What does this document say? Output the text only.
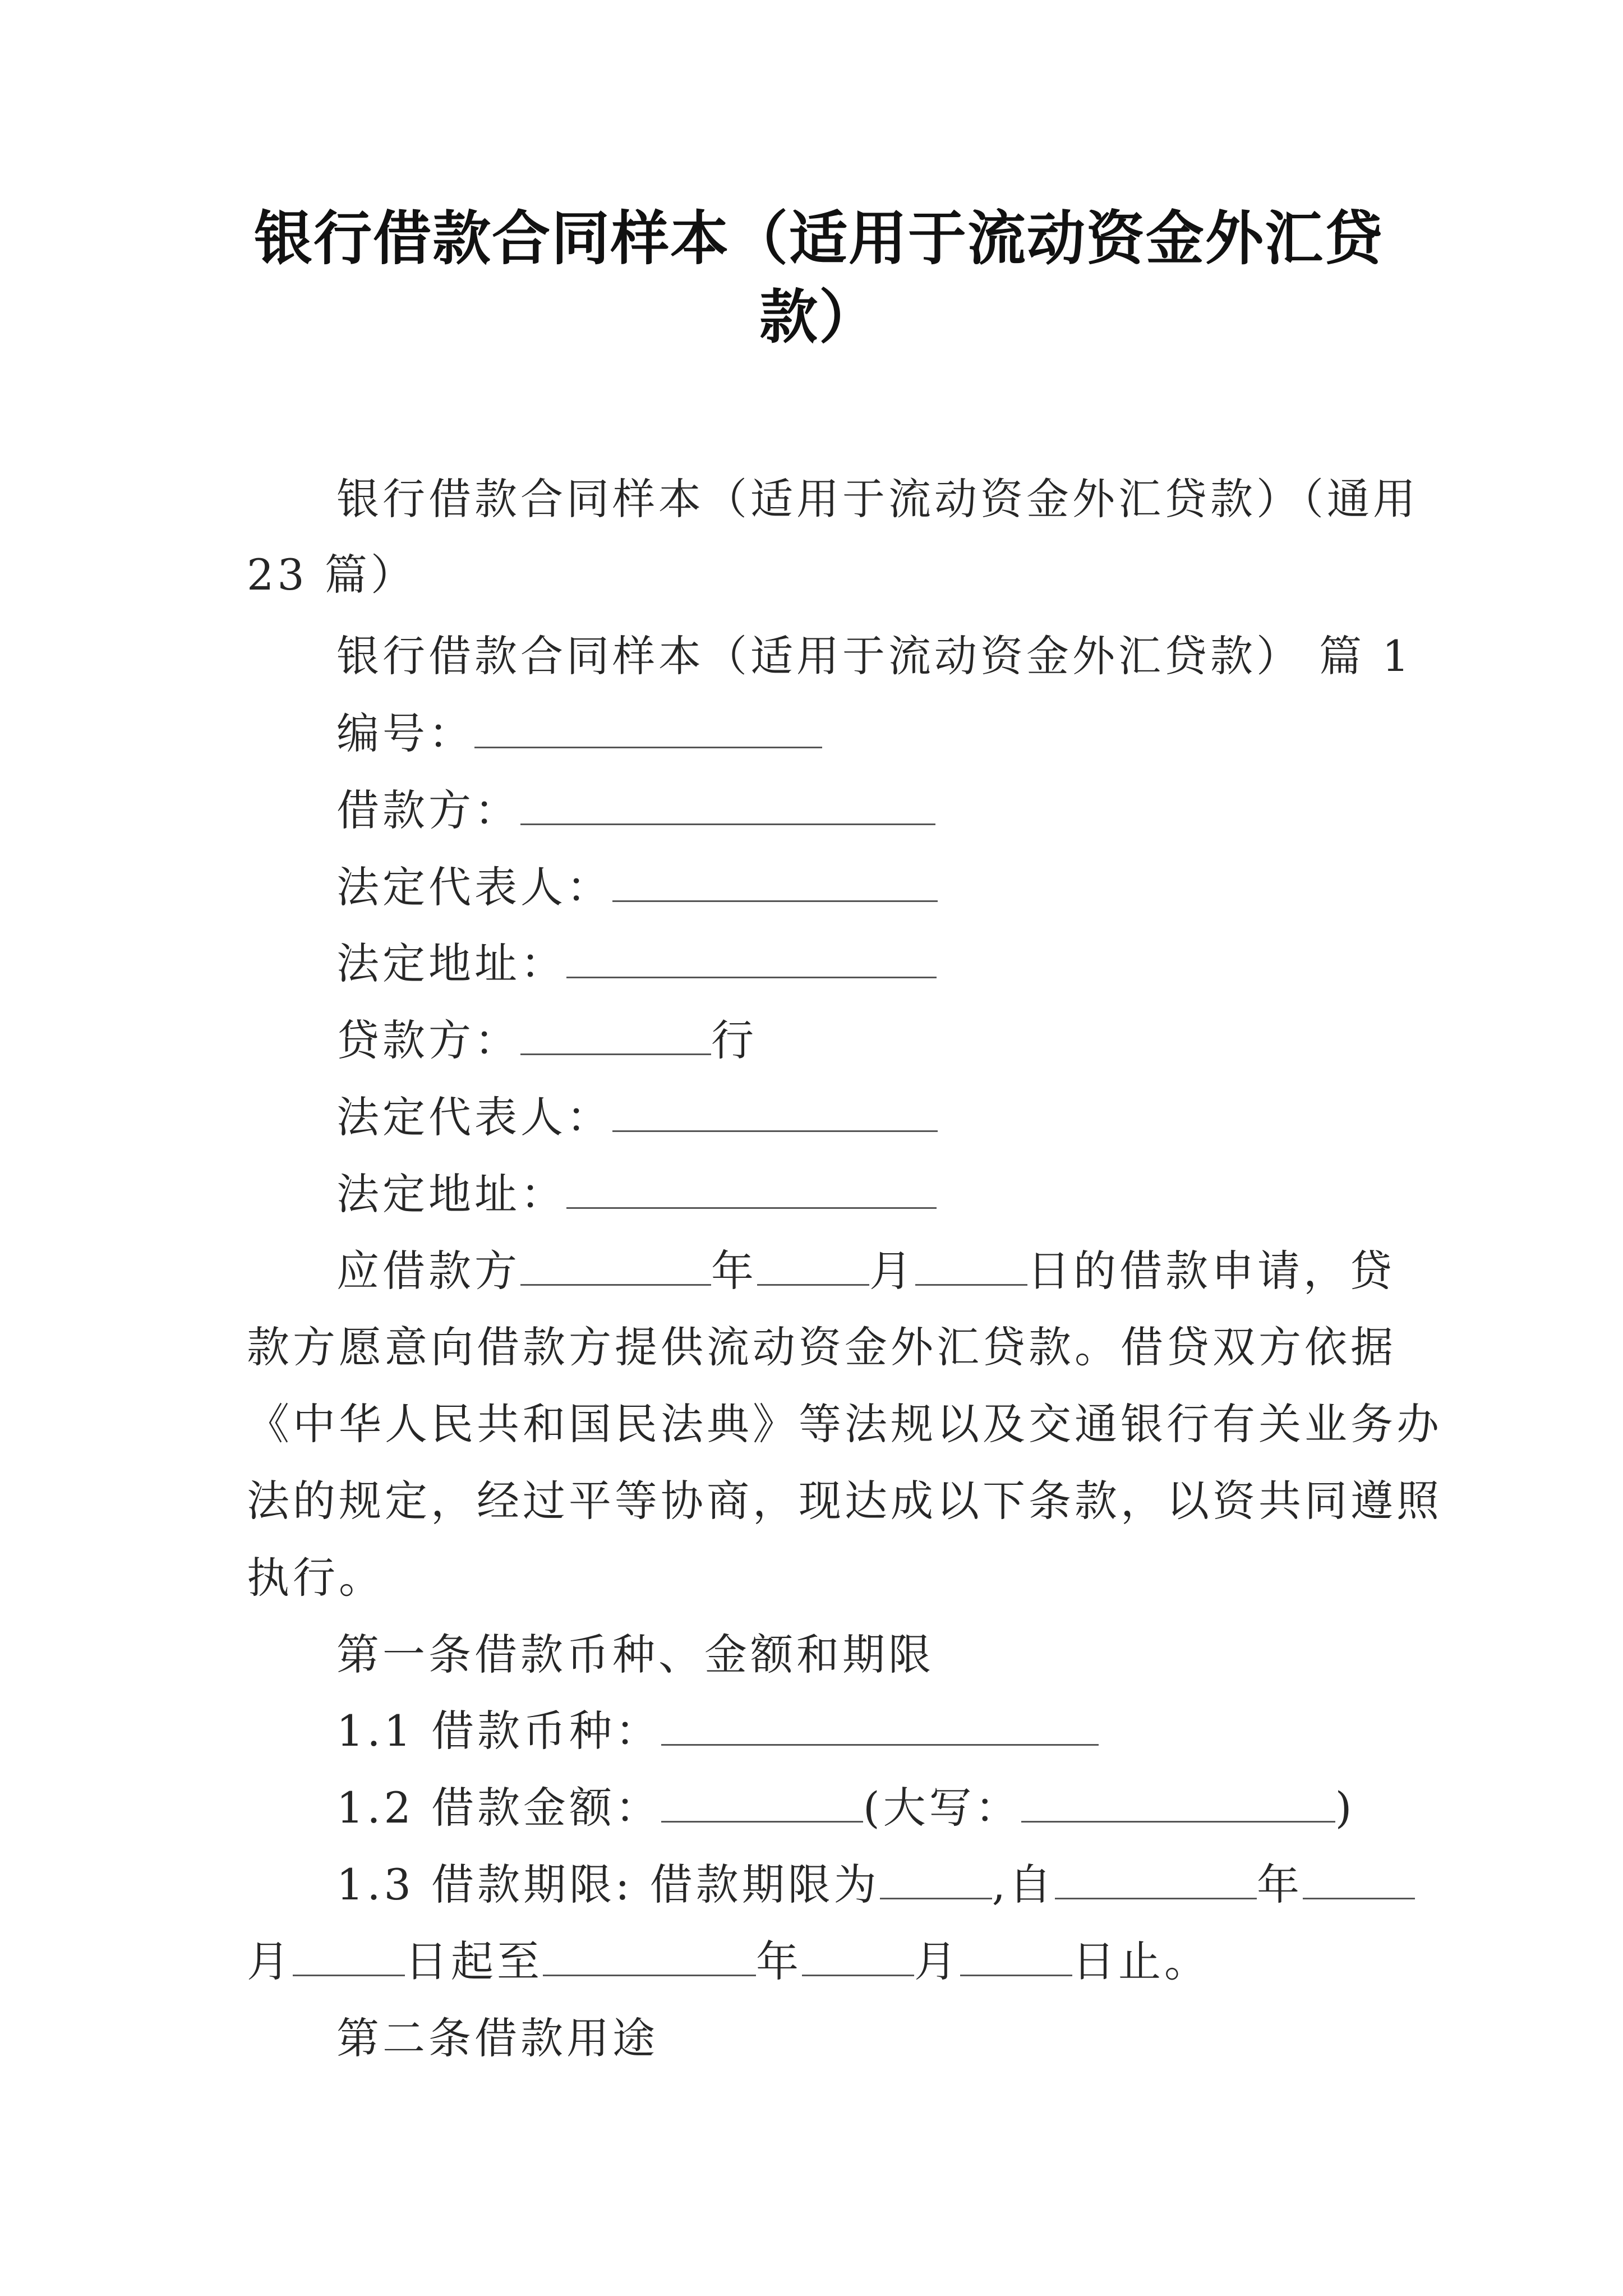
银行借款合同样本（适用于流动资金外汇贷款）
银行借款合同样本（适用于流动资金外汇贷款）（通用
23 篇）
银行借款合同样本（适用于流动资金外汇贷款） 篇 1
编号：
借款方：
法定代表人：
法定地址：
贷款方：	行
法定代表人：
法定地址：
应借款方	年	月	日的借款申请，贷
款方愿意向借款方提供流动资金外汇贷款。借贷双方依据
《中华人民共和国民法典》等法规以及交通银行有关业务办
法的规定，经过平等协商，现达成以下条款，以资共同遵照
执行。
第一条借款币种、金额和期限
1.1 借款币种：
1.2 借款金额：	(大写：	)
1.3 借款期限: 借款期限为	,自	年
月	日起至	年	月	日止。
第二条借款用途
